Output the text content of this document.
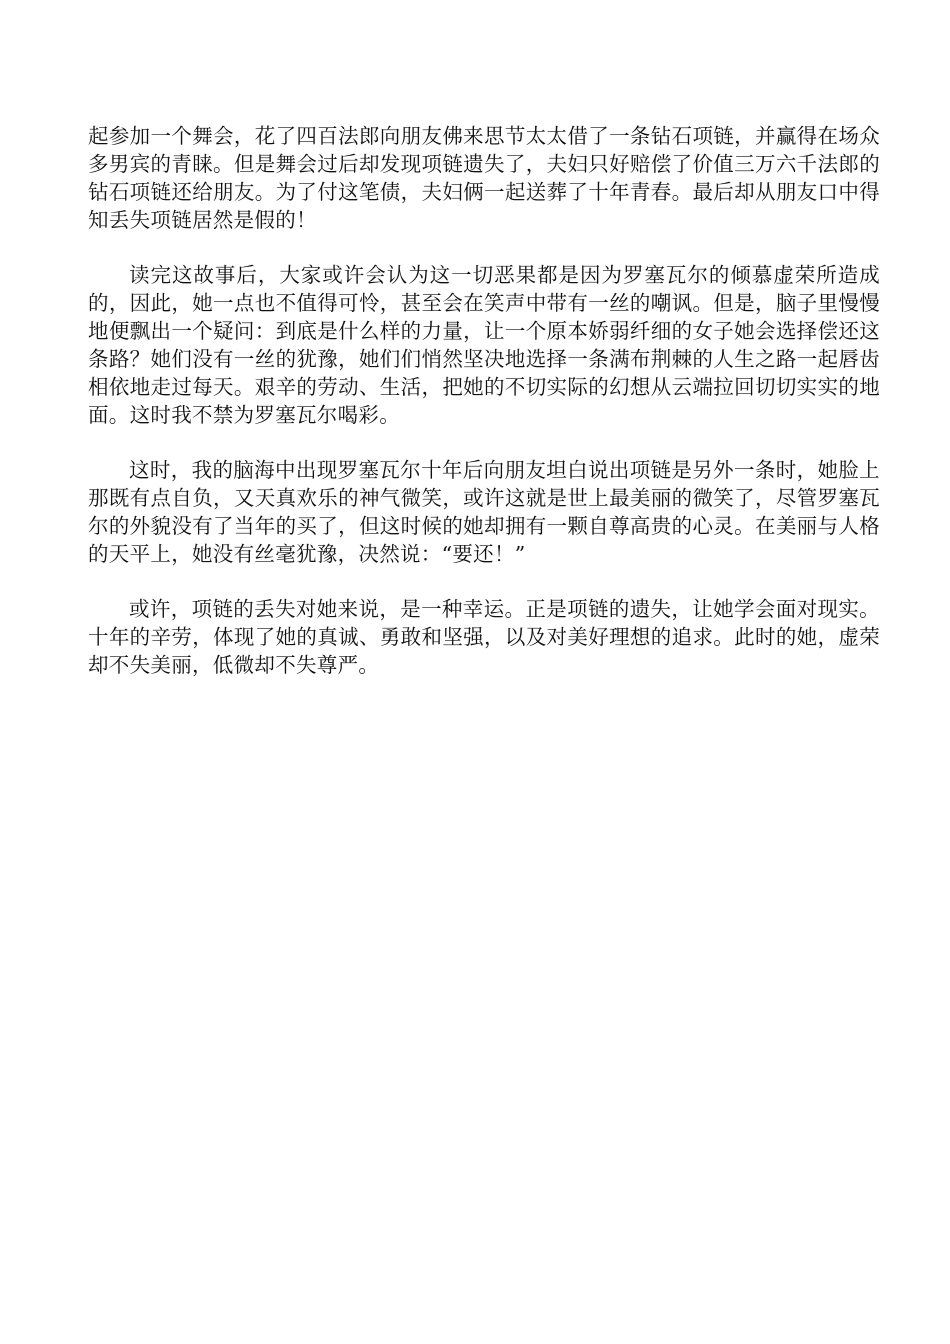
起参加一个舞会，花了四百法郎向朋友佛来思节太太借了一条钻石项链，并赢得在场众多男宾的青睐。但是舞会过后却发现项链遗失了，夫妇只好赔偿了价值三万六千法郎的钻石项链还给朋友。为了付这笔债，夫妇俩一起送葬了十年青春。最后却从朋友口中得知丢失项链居然是假的！

读完这故事后，大家或许会认为这一切恶果都是因为罗塞瓦尔的倾慕虚荣所造成的，因此，她一点也不值得可怜，甚至会在笑声中带有一丝的嘲讽。但是，脑子里慢慢地便飘出一个疑问：到底是什么样的力量，让一个原本娇弱纤细的女子她会选择偿还这条路？她们没有一丝的犹豫，她们们悄然坚决地选择一条满布荆棘的人生之路一起唇齿相依地走过每天。艰辛的劳动、生活，把她的不切实际的幻想从云端拉回切切实实的地面。这时我不禁为罗塞瓦尔喝彩。

这时，我的脑海中出现罗塞瓦尔十年后向朋友坦白说出项链是另外一条时，她脸上那既有点自负，又天真欢乐的神气微笑，或许这就是世上最美丽的微笑了，尽管罗塞瓦尔的外貌没有了当年的买了，但这时候的她却拥有一颗自尊高贵的心灵。在美丽与人格的天平上，她没有丝毫犹豫，决然说：“要还！”

或许，项链的丢失对她来说，是一种幸运。正是项链的遗失，让她学会面对现实。十年的辛劳，体现了她的真诚、勇敢和坚强，以及对美好理想的追求。此时的她，虚荣却不失美丽，低微却不失尊严。
